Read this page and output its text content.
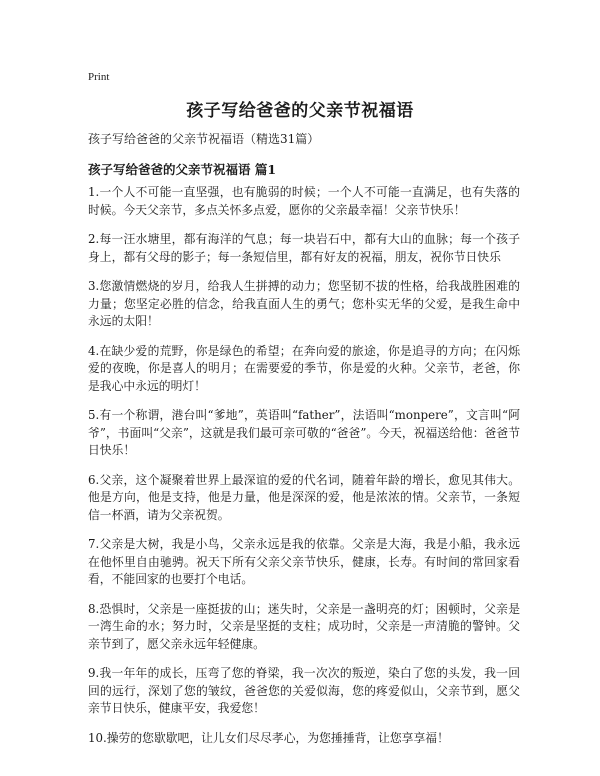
Print
孩子写给爸爸的父亲节祝福语
孩子写给爸爸的父亲节祝福语（精选31篇）
孩子写给爸爸的父亲节祝福语 篇1

1.一个人不可能一直坚强，也有脆弱的时候；一个人不可能一直满足，也有失落的时候。今天父亲节，多点关怀多点爱，愿你的父亲最幸福！父亲节快乐！

2.每一汪水塘里，都有海洋的气息；每一块岩石中，都有大山的血脉；每一个孩子身上，都有父母的影子；每一条短信里，都有好友的祝福，朋友，祝你节日快乐

3.您激情燃烧的岁月，给我人生拼搏的动力；您坚韧不拔的性格，给我战胜困难的力量；您坚定必胜的信念，给我直面人生的勇气；您朴实无华的父爱，是我生命中永远的太阳！

4.在缺少爱的荒野，你是绿色的希望；在奔向爱的旅途，你是追寻的方向；在闪烁爱的夜晚，你是喜人的明月；在需要爱的季节，你是爱的火种。父亲节，老爸，你是我心中永远的明灯！

5.有一个称谓，港台叫“爹地”，英语叫“father”，法语叫“monpere”，文言叫“阿爷”，书面叫“父亲”，这就是我们最可亲可敬的“爸爸”。今天，祝福送给他：爸爸节日快乐！

6.父亲，这个凝聚着世界上最深谊的爱的代名词，随着年龄的增长，愈见其伟大。他是方向，他是支持，他是力量，他是深深的爱，他是浓浓的情。父亲节，一条短信一杯酒，请为父亲祝贺。

7.父亲是大树，我是小鸟，父亲永远是我的依靠。父亲是大海，我是小船，我永远在他怀里自由驰骋。祝天下所有父亲父亲节快乐，健康，长寿。有时间的常回家看看，不能回家的也要打个电话。

8.恐惧时，父亲是一座挺拔的山；迷失时，父亲是一盏明亮的灯；困顿时，父亲是一湾生命的水；努力时，父亲是坚挺的支柱；成功时，父亲是一声清脆的警钟。父亲节到了，愿父亲永远年轻健康。

9.我一年年的成长，压弯了您的脊梁，我一次次的叛逆，染白了您的头发，我一回回的远行，深划了您的皱纹，爸爸您的关爱似海，您的疼爱似山，父亲节到，愿父亲节日快乐，健康平安，我爱您！

10.操劳的您歇歇吧，让儿女们尽尽孝心，为您捶捶背，让您享享福！
